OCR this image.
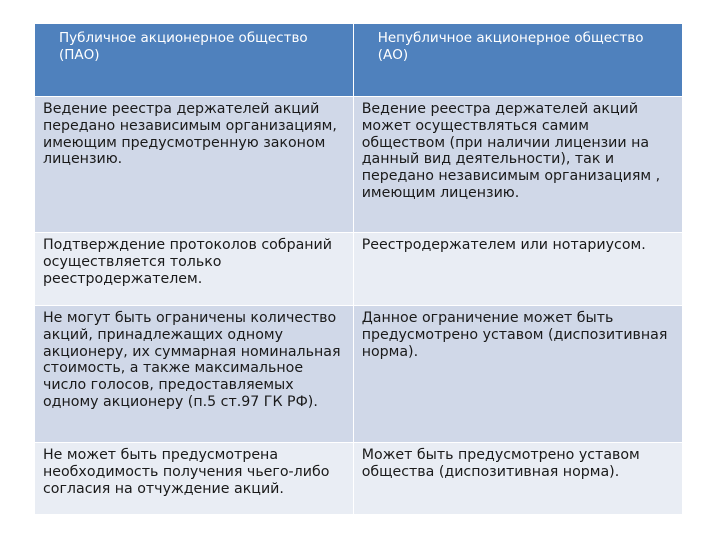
Публичное акционерное общество (ПАО)	Непубличное акционерное общество (АО)
Ведение реестра держателей акций передано независимым организациям, имеющим предусмотренную законом лицензию.	Ведение реестра держателей акций может осуществляться самим обществом (при наличии лицензии на данный вид деятельности), так и передано независимым организациям , имеющим лицензию.
Подтверждение протоколов собраний осуществляется только реестродержателем.	Реестродержателем или нотариусом.
Не могут быть ограничены количество акций, принадлежащих одному акционеру, их суммарная номинальная стоимость, а также максимальное число голосов, предоставляемых одному акционеру (п.5 ст.97 ГК РФ).	Данное ограничение может быть предусмотрено уставом (диспозитивная норма).
Не может быть предусмотрена необходимость получения чьего-либо согласия на отчуждение акций.	Может быть предусмотрено уставом общества (диспозитивная норма).
